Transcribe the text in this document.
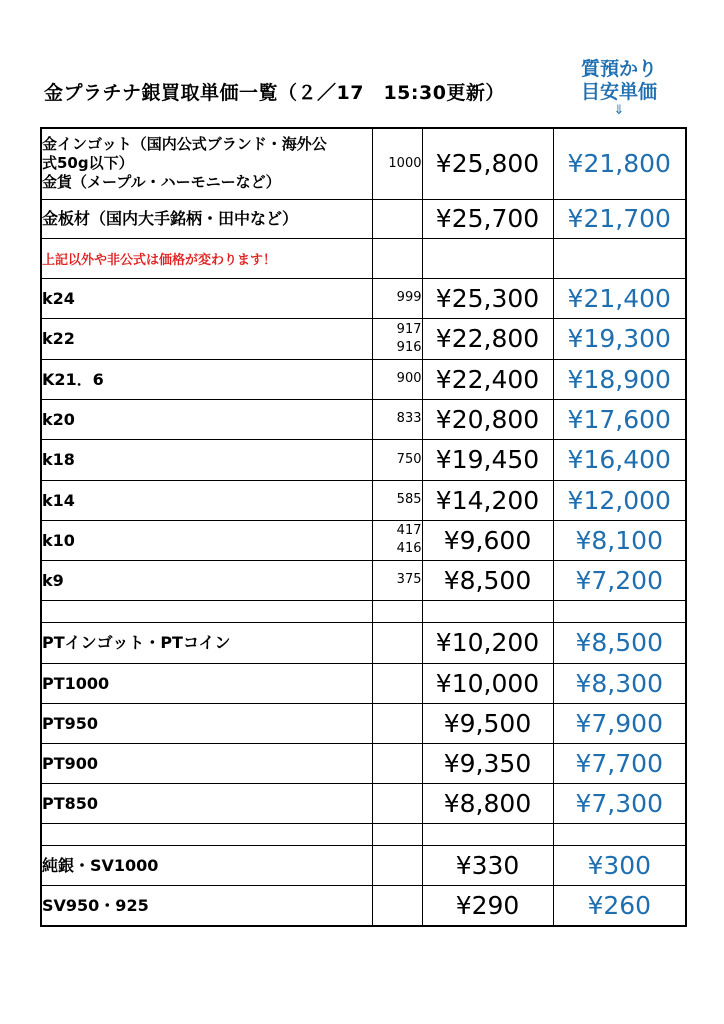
金プラチナ銀買取単価一覧（２／17　15:30更新）
質預かり
目安単価
⇓
金インゴット（国内公式ブランド・海外公
式50g以下）
金貨（メープル・ハーモニーなど）	1000	¥25,800	¥21,800

金板材（国内大手銘柄・田中など）		¥25,700	¥21,700
上記以外や非公式は価格が変わります！			

k24	999	¥25,300	¥21,400

k22	917
916	¥22,800	¥19,300

K21．6	900	¥22,400	¥18,900

k20	833	¥20,800	¥17,600

k18	750	¥19,450	¥16,400

k14	585	¥14,200	¥12,000

k10	417
416	¥9,600	¥8,100

k9	375	¥8,500	¥7,200

PTインゴット・PTコイン		¥10,200	¥8,500

PT1000		¥10,000	¥8,300

PT950		¥9,500	¥7,900

PT900		¥9,350	¥7,700

PT850		¥8,800	¥7,300

純銀・SV1000		¥330	¥300

SV950・925		¥290	¥260
